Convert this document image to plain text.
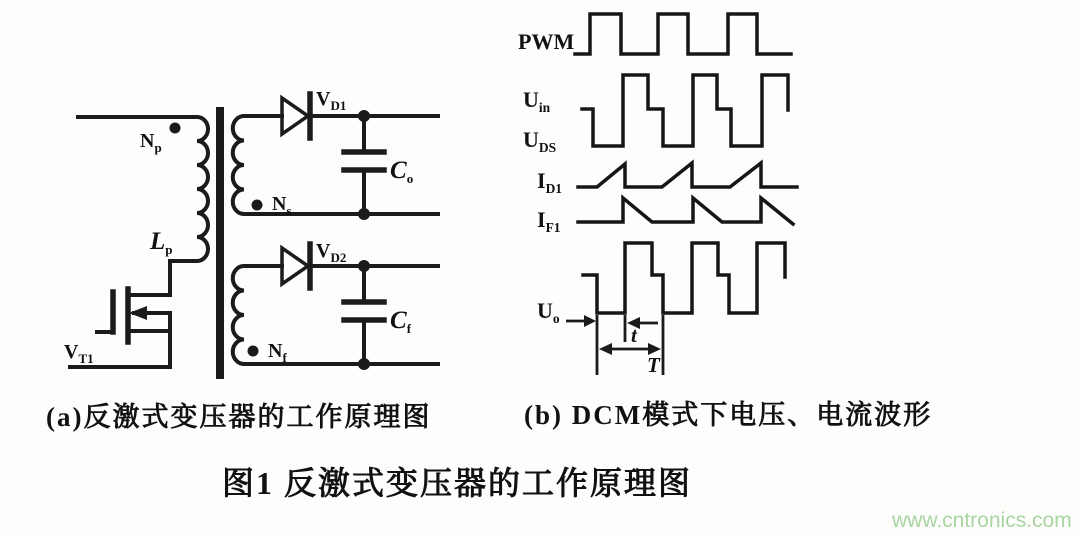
$N_p$
$L_p$
$V_{T1}$
$N_s$
$N_f$
$V_{D1}$
$V_{D2}$
$C_o$
$C_f$
PWM
$U_{in}$
$U_{DS}$
$I_{D1}$
$I_{F1}$
$U_o$
t
T
(a)反激式变压器的工作原理图	(b) DCM模式下电压、电流波形
图1 反激式变压器的工作原理图
www.cntronics.com
